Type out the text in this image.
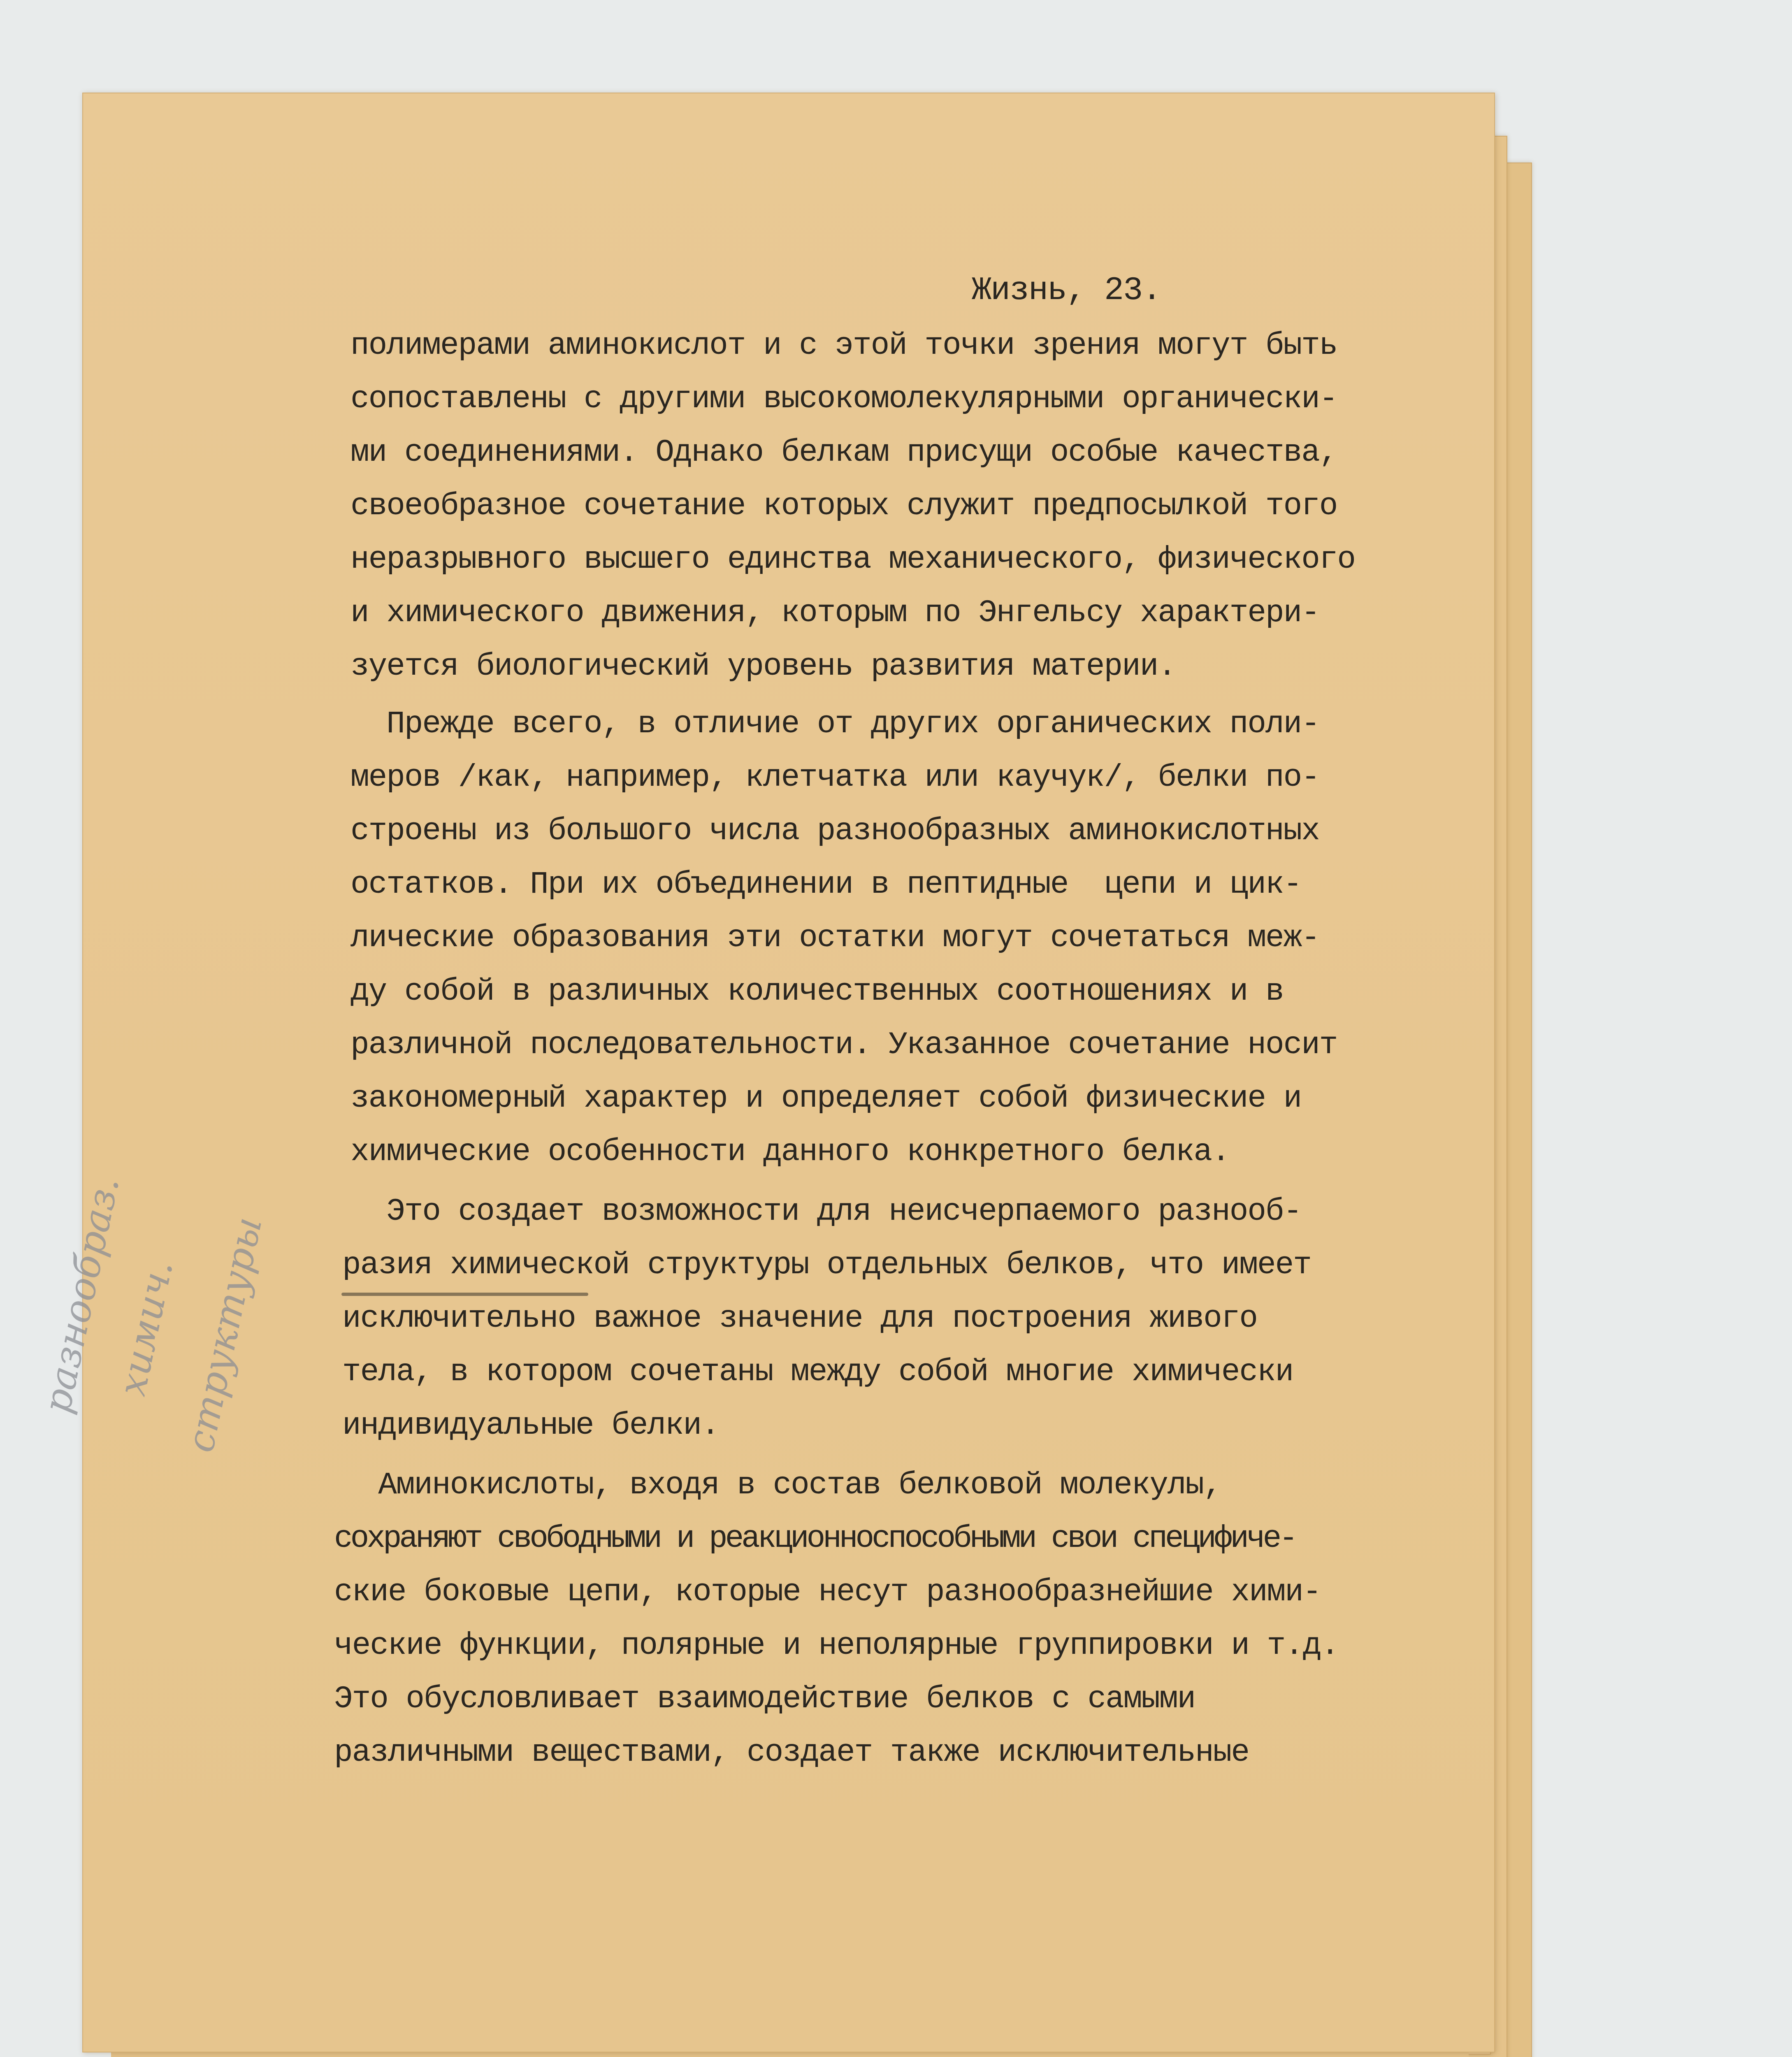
Жизнь, 23.

полимерами аминокислот и с этой точки зрения могут быть

сопоставлены с другими высокомолекулярными органически-

ми соединениями. Однако белкам присущи особые качества,

своеобразное сочетание которых служит предпосылкой того

неразрывного высшего единства механического, физического

и химического движения, которым по Энгельсу характери-

зуется биологический уровень развития материи.

Прежде всего, в отличие от других органических поли-

меров /как, например, клетчатка или каучук/, белки по-

строены из большого числа разнообразных аминокислотных

остатков. При их объединении в пептидные  цепи и цик-

лические образования эти остатки могут сочетаться меж-

ду собой в различных количественных соотношениях и в

различной последовательности. Указанное сочетание носит

закономерный характер и определяет собой физические и

химические особенности данного конкретного белка.

Это создает возможности для неисчерпаемого разнооб-

разия химической структуры отдельных белков, что имеет

исключительно важное значение для построения живого

тела, в котором сочетаны между собой многие химически

индивидуальные белки.

Аминокислоты, входя в состав белковой молекулы,

сохраняют свободными и реакционноспособными свои специфиче-

ские боковые цепи, которые несут разнообразнейшие хими-

ческие функции, полярные и неполярные группировки и т.д.

Это обусловливает взаимодействие белков с самыми

различными веществами, создает также исключительные

разнообраз.
химич.
структуры
